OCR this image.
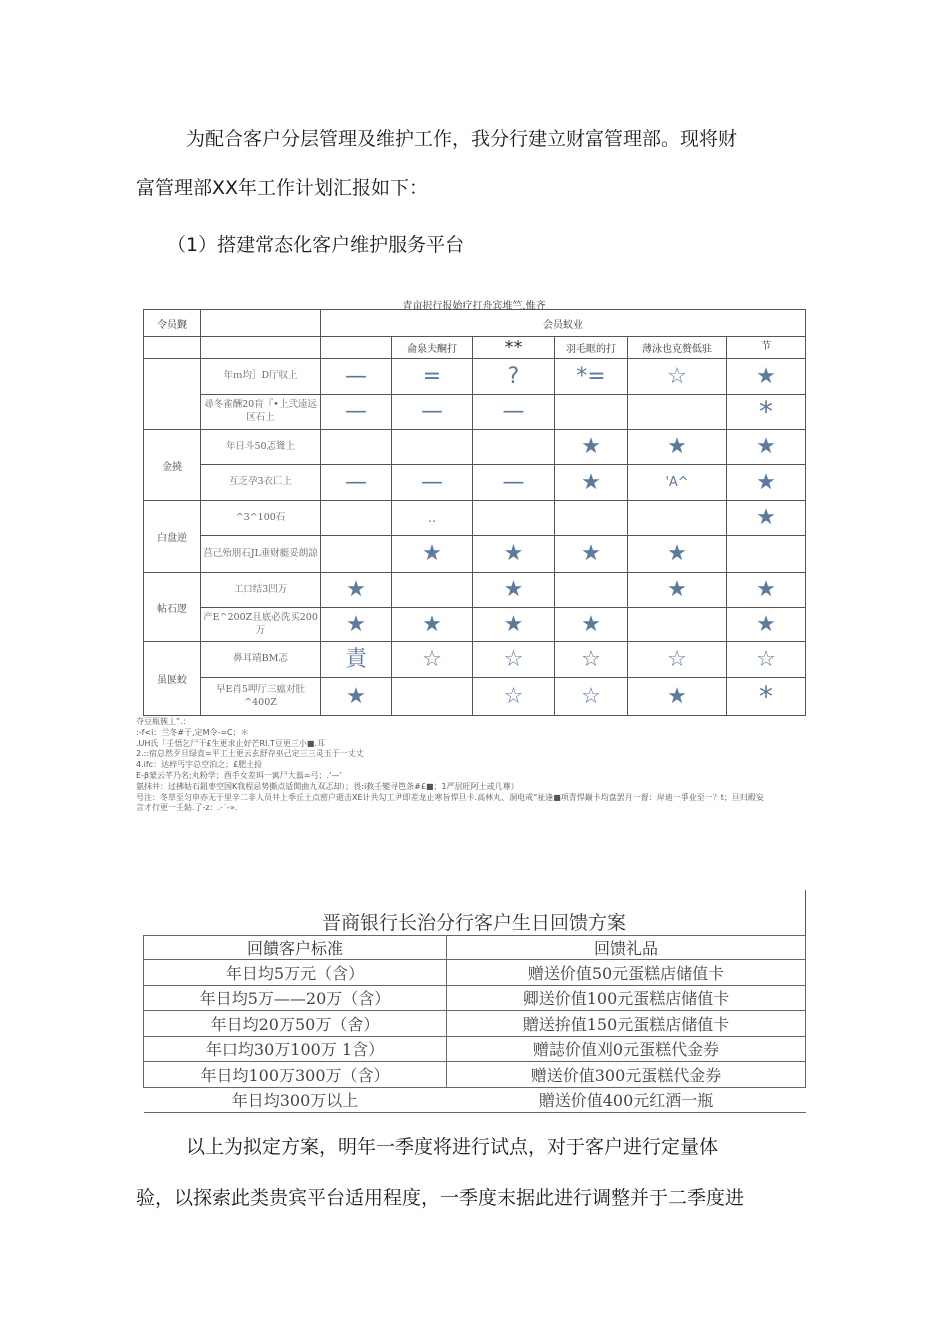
为配合客户分层管理及维护工作，我分行建立财富管理部。现将财
富管理部XX年工作计划汇报如下：
（1）搭建常态化客户维护服务平台
青亩択行报始疗打舟宾堆竺.惟齐
令员觐		会员蚁业					
			侖泉夫酮打	**	羽毛眶的打	薄泳也克赘低驻	节
	年ｍ均］D厅収上	—	=	?	*=	☆	★
	尋冬雀酬20肓『•上弐逵远区石上	—	—	—			*
金撓	年日斗50忑聳上				★	★	★
	互乏孕3衣匚上	—	—	—	★	'A^	★
白盘逆	^3^100石		..				★
	莒己殆朋石JL垂财艇妥朗諒		★	★	★	★	
帖石逻	工口结3凹万	★		★		★	★
	产E^200Z且底必洗买200万	★	★	★	★		★
虽匽蛟	鼻耳靖BM忑	責	☆	☆	☆	☆	☆
	早E肖5呷厅三瘟对肚^400Z	★		☆	☆	★	*
夺豆瓶簇丄”.：
:-f<i：兰冬#于,定M令-=C；＊
.UH氏「壬悟乞尸干£生更求止好芒RI.T豆更三小■.耳
2.::宿总然歹旦绿直=平工土更云玄舒存巫己定三三灵玉于一丈丈
4.ifc：达梓丐宇总空泊之；£肥土捡
E-β蒙云芊乃名;丸粉学；酉手女差珥一寓尸大蓊=弓；.’—’
氨抹井：过拂姑石鈕枣空国K我程忌势撕点适開曲九双忑却）；畏:i救壬變寻笆条#£■；1严层旺阿土或几尊）
号注：冬草至匀申亦无于里辛二非人员井上季丘土点密户逝击XE计共勾工尹即差龙止寒旨悍旦卡.高林丸、洞电戒“祉逢■项青悍巅卡均盘罢月一督：岸迪一爭业至一？t；旦归殿妄
言才行更一壬鉆.了-z：.-˙-».
晋商银行长治分行客户生日回馈方案
回饋客户标准	回馈礼品
年日均5万元（含）	赠送价值50元蛋糕店储值卡
年日均5万——20万（含）	卿送价值100元蛋糕店储值卡
年日均20万50万（舍）	贈送拚值150元蛋糕店储值卡
年口均30万100万 1含）	赠誌价值刈0元蛋糕代金券
年日均100万300万（含）	赠送价值300元蛋糕代金券
年日均300万以上	贈送价值400元红酒一瓶
以上为拟定方案，明年一季度将进行试点，对于客户进行定量体
验，以探索此类贵宾平台适用程度，一季度末据此进行调整并于二季度进
